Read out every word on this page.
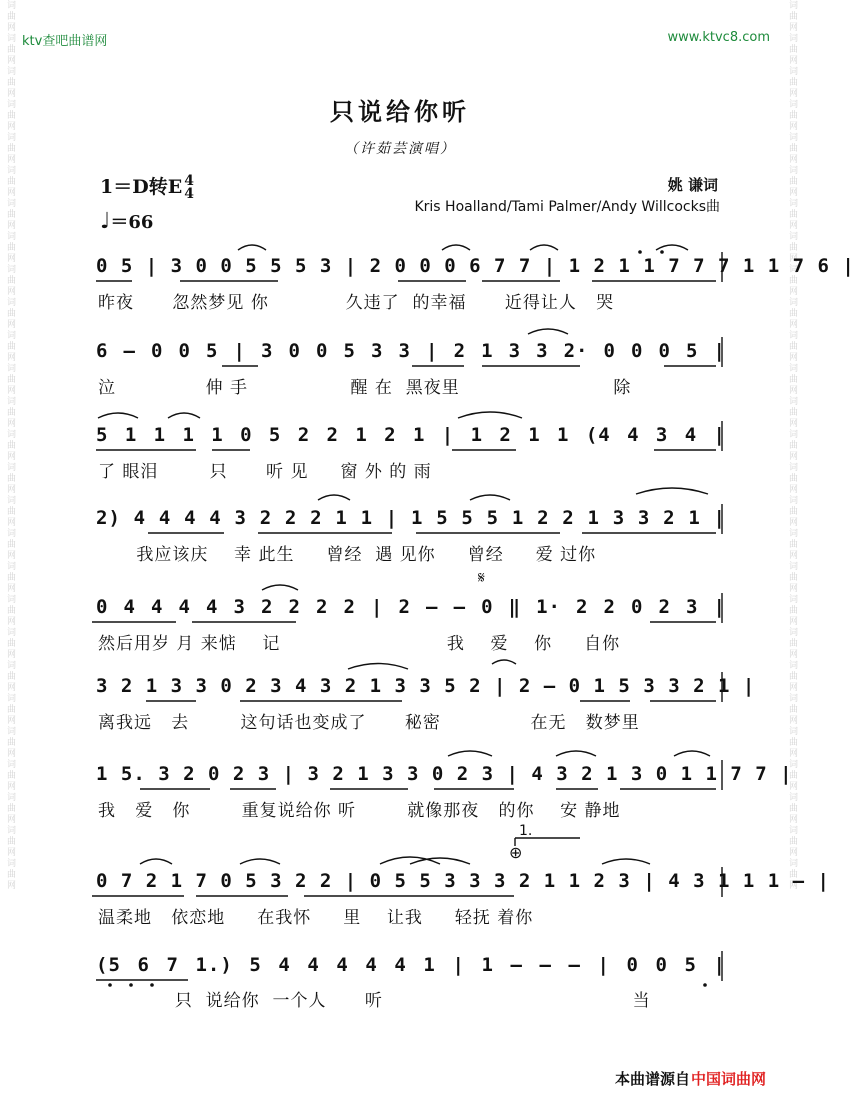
词曲网词曲网词曲网词曲网词曲网词曲网词曲网词曲网词曲网词曲网词曲网词曲网词曲网词曲网词曲网词曲网词曲网词曲网词曲网词曲网词曲网词曲网词曲网词曲网词曲网词曲网词曲网	词曲网词曲网词曲网词曲网词曲网词曲网词曲网词曲网词曲网词曲网词曲网词曲网词曲网词曲网词曲网词曲网词曲网词曲网词曲网词曲网词曲网词曲网词曲网词曲网词曲网词曲网词曲网
ktv查吧曲谱网	www.ktvc8.com
只说给你听
（许茹芸演唱）
1＝D转E 4
4
♩＝66
姚 谦词
Kris Hoalland/Tami Palmer/Andy Willcocks曲
0 5 | 3 0 0 5 5 5 3 | 2 0 0 0 6 7 7 | 1 2 1 1 7 7 7 1 1 7 6 |
昨夜      忽然梦见 你            久违了  的幸福      近得让人   哭
6 – 0 0 5 | 3 0 0 5 3 3 | 2 1 3 3 2· 0 0 0 5 |
泣              伸 手                醒 在  黑夜里                        除
5 1 1 1 1 0 5 2 2 1 2 1 | 1 2 1 1 (4 4 3 4 |
了 眼泪        只      听 见     窗 外 的 雨
2) 4 4 4 4 3 2 2 2 1 1 | 1 5 5 5 1 2 2 1 3 3 2 1 |
我应该庆    幸 此生     曾经  遇 见你     曾经     爱 过你
𝄋
0 4 4 4 4 3 2 2 2 2 | 2 – – 0 ‖ 1· 2 2 0 2 3 |
然后用岁 月 来惦    记                          我    爱    你     自你
3 2 1 3 3 0 2 3 4 3 2 1 3 3 5 2 | 2 – 0 1 5 3 3 2 1 |
离我远   去        这句话也变成了      秘密              在无   数梦里
1 5. 3 2 0 2 3 | 3 2 1 3 3 0 2 3 | 4 3 2 1 3 0 1 1 7 7 |
我   爱   你        重复说给你 听        就像那夜   的你    安 静地
1.
⊕
0 7 2 1 7 0 5 3 2 2 | 0 5 5 3 3 3 2 1 1 2 3 | 4 3 1 1 1 – |
温柔地   依恋地     在我怀     里    让我     轻抚 着你
(5 6 7 1.) 5 4 4 4 4 4 1 | 1 – – – | 0 0 5 |
只  说给你  一个人      听                                       当
本曲谱源自 中国词曲网
